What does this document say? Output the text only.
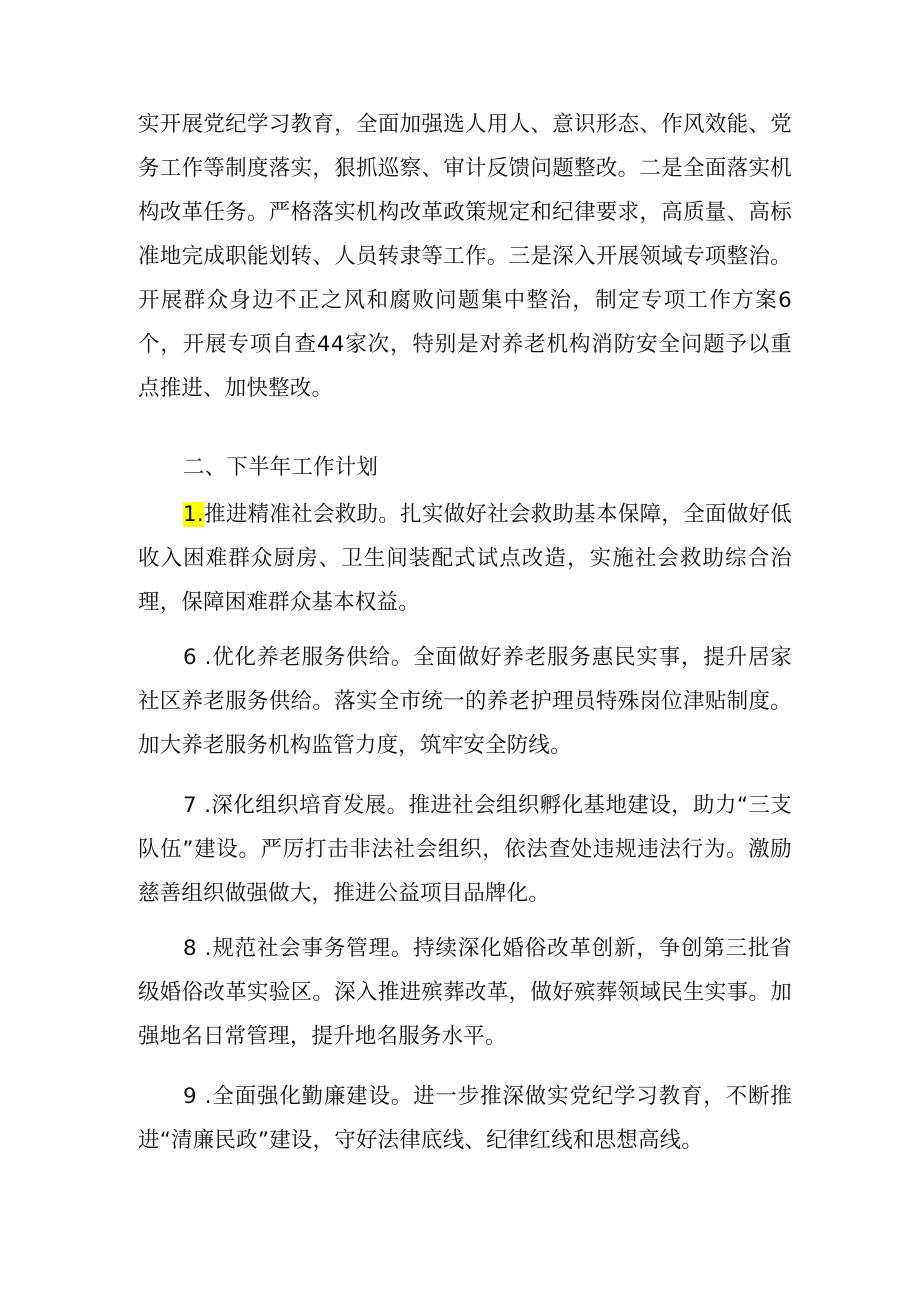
实开展党纪学习教育，全面加强选人用人、意识形态、作风效能、党务工作等制度落实，狠抓巡察、审计反馈问题整改。二是全面落实机构改革任务。严格落实机构改革政策规定和纪律要求，高质量、高标准地完成职能划转、人员转隶等工作。三是深入开展领域专项整治。开展群众身边不正之风和腐败问题集中整治，制定专项工作方案6个，开展专项自查44家次，特别是对养老机构消防安全问题予以重点推进、加快整改。

二、下半年工作计划

1.推进精准社会救助。扎实做好社会救助基本保障，全面做好低收入困难群众厨房、卫生间装配式试点改造，实施社会救助综合治理，保障困难群众基本权益。

6 .优化养老服务供给。全面做好养老服务惠民实事，提升居家社区养老服务供给。落实全市统一的养老护理员特殊岗位津贴制度。加大养老服务机构监管力度，筑牢安全防线。

7 .深化组织培育发展。推进社会组织孵化基地建设，助力“三支队伍”建设。严厉打击非法社会组织，依法查处违规违法行为。激励慈善组织做强做大，推进公益项目品牌化。

8 .规范社会事务管理。持续深化婚俗改革创新，争创第三批省级婚俗改革实验区。深入推进殡葬改革，做好殡葬领域民生实事。加强地名日常管理，提升地名服务水平。

9 .全面强化勤廉建设。进一步推深做实党纪学习教育，不断推进“清廉民政”建设，守好法律底线、纪律红线和思想高线。
